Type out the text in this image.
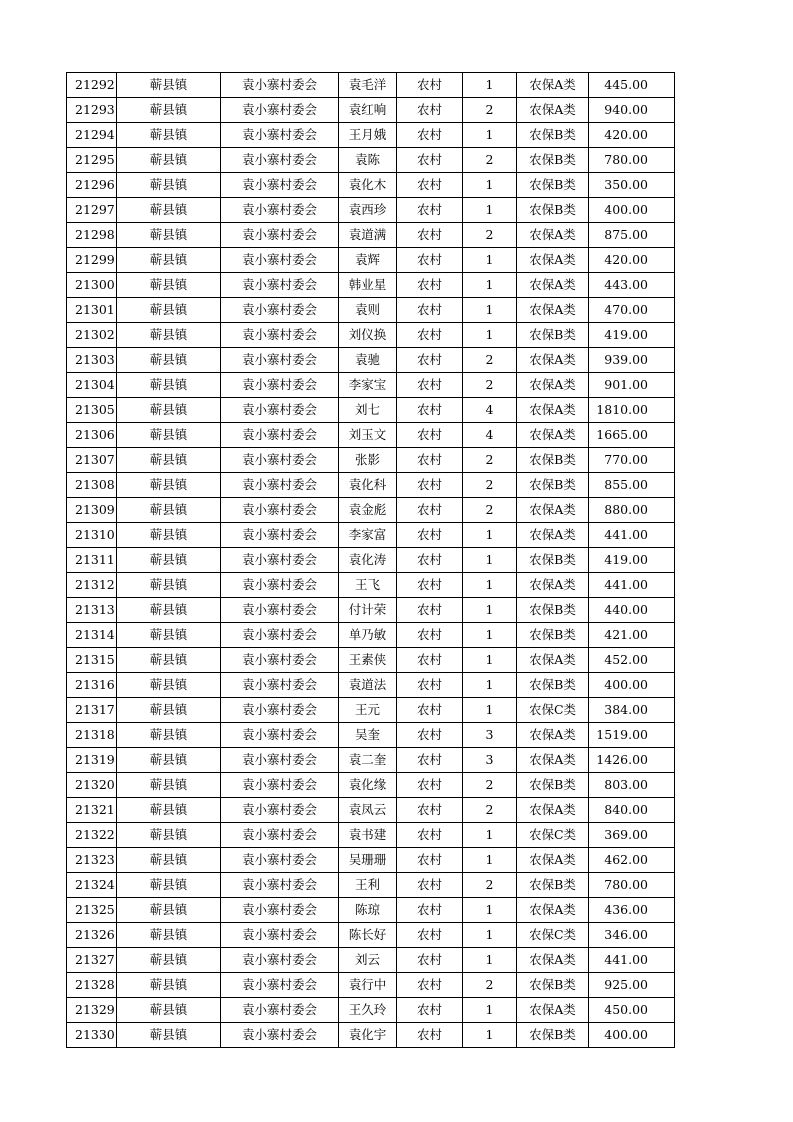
21292	蕲县镇	袁小寨村委会	袁毛洋	农村	1	农保A类	445.00
21293	蕲县镇	袁小寨村委会	袁红响	农村	2	农保A类	940.00
21294	蕲县镇	袁小寨村委会	王月娥	农村	1	农保B类	420.00
21295	蕲县镇	袁小寨村委会	袁陈	农村	2	农保B类	780.00
21296	蕲县镇	袁小寨村委会	袁化木	农村	1	农保B类	350.00
21297	蕲县镇	袁小寨村委会	袁西珍	农村	1	农保B类	400.00
21298	蕲县镇	袁小寨村委会	袁道满	农村	2	农保A类	875.00
21299	蕲县镇	袁小寨村委会	袁辉	农村	1	农保A类	420.00
21300	蕲县镇	袁小寨村委会	韩业星	农村	1	农保A类	443.00
21301	蕲县镇	袁小寨村委会	袁则	农村	1	农保A类	470.00
21302	蕲县镇	袁小寨村委会	刘仪换	农村	1	农保B类	419.00
21303	蕲县镇	袁小寨村委会	袁驰	农村	2	农保A类	939.00
21304	蕲县镇	袁小寨村委会	李家宝	农村	2	农保A类	901.00
21305	蕲县镇	袁小寨村委会	刘七	农村	4	农保A类	1810.00
21306	蕲县镇	袁小寨村委会	刘玉文	农村	4	农保A类	1665.00
21307	蕲县镇	袁小寨村委会	张影	农村	2	农保B类	770.00
21308	蕲县镇	袁小寨村委会	袁化科	农村	2	农保B类	855.00
21309	蕲县镇	袁小寨村委会	袁金彪	农村	2	农保A类	880.00
21310	蕲县镇	袁小寨村委会	李家富	农村	1	农保A类	441.00
21311	蕲县镇	袁小寨村委会	袁化涛	农村	1	农保B类	419.00
21312	蕲县镇	袁小寨村委会	王飞	农村	1	农保A类	441.00
21313	蕲县镇	袁小寨村委会	付计荣	农村	1	农保B类	440.00
21314	蕲县镇	袁小寨村委会	单乃敏	农村	1	农保B类	421.00
21315	蕲县镇	袁小寨村委会	王素侠	农村	1	农保A类	452.00
21316	蕲县镇	袁小寨村委会	袁道法	农村	1	农保B类	400.00
21317	蕲县镇	袁小寨村委会	王元	农村	1	农保C类	384.00
21318	蕲县镇	袁小寨村委会	吴奎	农村	3	农保A类	1519.00
21319	蕲县镇	袁小寨村委会	袁二奎	农村	3	农保A类	1426.00
21320	蕲县镇	袁小寨村委会	袁化缘	农村	2	农保B类	803.00
21321	蕲县镇	袁小寨村委会	袁凤云	农村	2	农保A类	840.00
21322	蕲县镇	袁小寨村委会	袁书建	农村	1	农保C类	369.00
21323	蕲县镇	袁小寨村委会	吴珊珊	农村	1	农保A类	462.00
21324	蕲县镇	袁小寨村委会	王利	农村	2	农保B类	780.00
21325	蕲县镇	袁小寨村委会	陈琼	农村	1	农保A类	436.00
21326	蕲县镇	袁小寨村委会	陈长好	农村	1	农保C类	346.00
21327	蕲县镇	袁小寨村委会	刘云	农村	1	农保A类	441.00
21328	蕲县镇	袁小寨村委会	袁行中	农村	2	农保B类	925.00
21329	蕲县镇	袁小寨村委会	王久玲	农村	1	农保A类	450.00
21330	蕲县镇	袁小寨村委会	袁化宇	农村	1	农保B类	400.00
